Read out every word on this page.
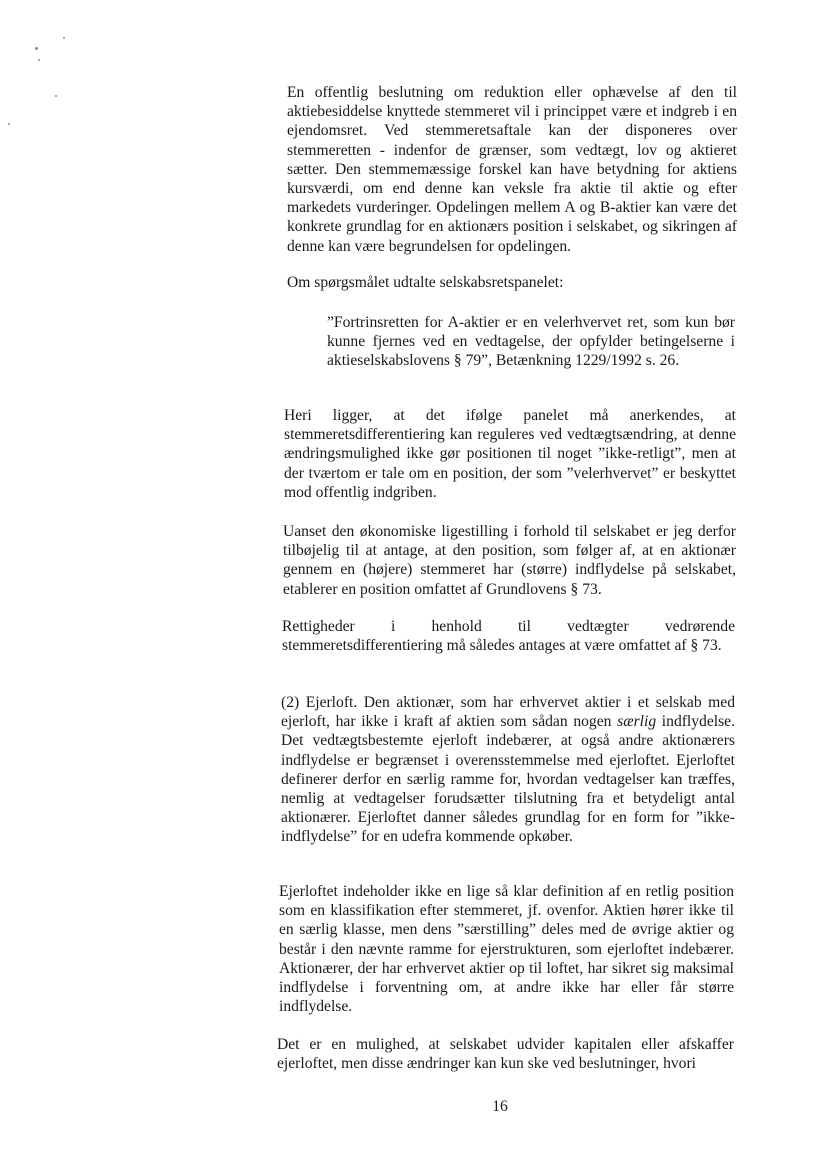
En offentlig beslutning om reduktion eller ophævelse af den til aktiebesiddelse knyttede stemmeret vil i princippet være et indgreb i en ejendomsret. Ved stemmeretsaftale kan der disponeres over stemmeretten - indenfor de grænser, som vedtægt, lov og aktieret sætter. Den stemmemæssige forskel kan have betydning for aktiens kursværdi, om end denne kan veksle fra aktie til aktie og efter markedets vurderinger. Opdelingen mellem A og B-aktier kan være det konkrete grundlag for en aktionærs position i selskabet, og sikringen af denne kan være begrundelsen for opdelingen.

Om spørgsmålet udtalte selskabsretspanelet:

”Fortrinsretten for A-aktier er en velerhvervet ret, som kun bør kunne fjernes ved en vedtagelse, der opfylder betingelserne i aktieselskabslovens § 79”, Betænkning 1229/1992 s. 26.

Heri ligger, at det ifølge panelet må anerkendes, at stemmeretsdifferentiering kan reguleres ved vedtægtsændring, at denne ændringsmulighed ikke gør positionen til noget ”ikke-retligt”, men at der tværtom er tale om en position, der som ”velerhvervet” er beskyttet mod offentlig indgriben.

Uanset den økonomiske ligestilling i forhold til selskabet er jeg derfor tilbøjelig til at antage, at den position, som følger af, at en aktionær gennem en (højere) stemmeret har (større) indflydelse på selskabet, etablerer en position omfattet af Grundlovens § 73.

Rettigheder i henhold til vedtægter vedrørende stemmeretsdifferentiering må således antages at være omfattet af § 73.

(2) Ejerloft. Den aktionær, som har erhvervet aktier i et selskab med ejerloft, har ikke i kraft af aktien som sådan nogen særlig indflydelse. Det vedtægtsbestemte ejerloft indebærer, at også andre aktionærers indflydelse er begrænset i overensstemmelse med ejerloftet. Ejerloftet definerer derfor en særlig ramme for, hvordan vedtagelser kan træffes, nemlig at vedtagelser forudsætter tilslutning fra et betydeligt antal aktionærer. Ejerloftet danner således grundlag for en form for ”ikke-indflydelse” for en udefra kommende opkøber.

Ejerloftet indeholder ikke en lige så klar definition af en retlig position som en klassifikation efter stemmeret, jf. ovenfor. Aktien hører ikke til en særlig klasse, men dens ”særstilling” deles med de øvrige aktier og består i den nævnte ramme for ejerstrukturen, som ejerloftet indebærer. Aktionærer, der har erhvervet aktier op til loftet, har sikret sig maksimal indflydelse i forventning om, at andre ikke har eller får større indflydelse.

Det er en mulighed, at selskabet udvider kapitalen eller afskaffer ejerloftet, men disse ændringer kan kun ske ved beslutninger, hvori

16
